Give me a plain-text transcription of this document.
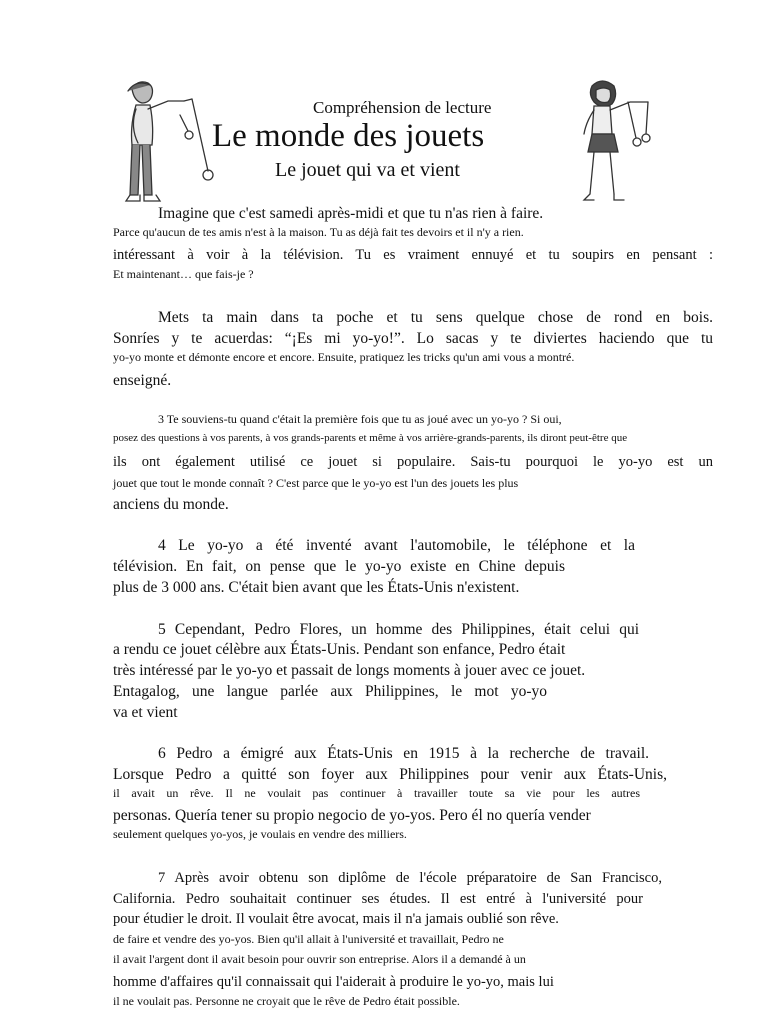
Compréhension de lecture
Le monde des jouets
Le jouet qui va et vient
Imagine que c'est samedi après-midi et que tu n'as rien à faire.
Parce qu'aucun de tes amis n'est à la maison. Tu as déjà fait tes devoirs et il n'y a rien.
intéressant à voir à la télévision. Tu es vraiment ennuyé et tu soupirs en pensant :
Et maintenant… que fais-je ?
Mets ta main dans ta poche et tu sens quelque chose de rond en bois.
Sonríes y te acuerdas: “¡Es mi yo-yo!”. Lo sacas y te diviertes haciendo que tu
yo-yo monte et démonte encore et encore. Ensuite, pratiquez les tricks qu'un ami vous a montré.
enseigné.
3 Te souviens-tu quand c'était la première fois que tu as joué avec un yo-yo ? Si oui,
posez des questions à vos parents, à vos grands-parents et même à vos arrière-grands-parents, ils diront peut-être que
ils ont également utilisé ce jouet si populaire. Sais-tu pourquoi le yo-yo est un
jouet que tout le monde connaît ? C'est parce que le yo-yo est l'un des jouets les plus
anciens du monde.
4 Le yo-yo a été inventé avant l'automobile, le téléphone et la
télévision. En fait, on pense que le yo-yo existe en Chine depuis
plus de 3 000 ans. C'était bien avant que les États-Unis n'existent.
5 Cependant, Pedro Flores, un homme des Philippines, était celui qui
a rendu ce jouet célèbre aux États-Unis. Pendant son enfance, Pedro était
très intéressé par le yo-yo et passait de longs moments à jouer avec ce jouet.
Entagalog, une langue parlée aux Philippines, le mot yo-yo
va et vient
6 Pedro a émigré aux États-Unis en 1915 à la recherche de travail.
Lorsque Pedro a quitté son foyer aux Philippines pour venir aux États-Unis,
il avait un rêve. Il ne voulait pas continuer à travailler toute sa vie pour les autres
personas. Quería tener su propio negocio de yo-yos. Pero él no quería vender
seulement quelques yo-yos, je voulais en vendre des milliers.
7 Après avoir obtenu son diplôme de l'école préparatoire de San Francisco,
California. Pedro souhaitait continuer ses études. Il est entré à l'université pour
pour étudier le droit. Il voulait être avocat, mais il n'a jamais oublié son rêve.
de faire et vendre des yo-yos. Bien qu'il allait à l'université et travaillait, Pedro ne
il avait l'argent dont il avait besoin pour ouvrir son entreprise. Alors il a demandé à un
homme d'affaires qu'il connaissait qui l'aiderait à produire le yo-yo, mais lui
il ne voulait pas. Personne ne croyait que le rêve de Pedro était possible.
